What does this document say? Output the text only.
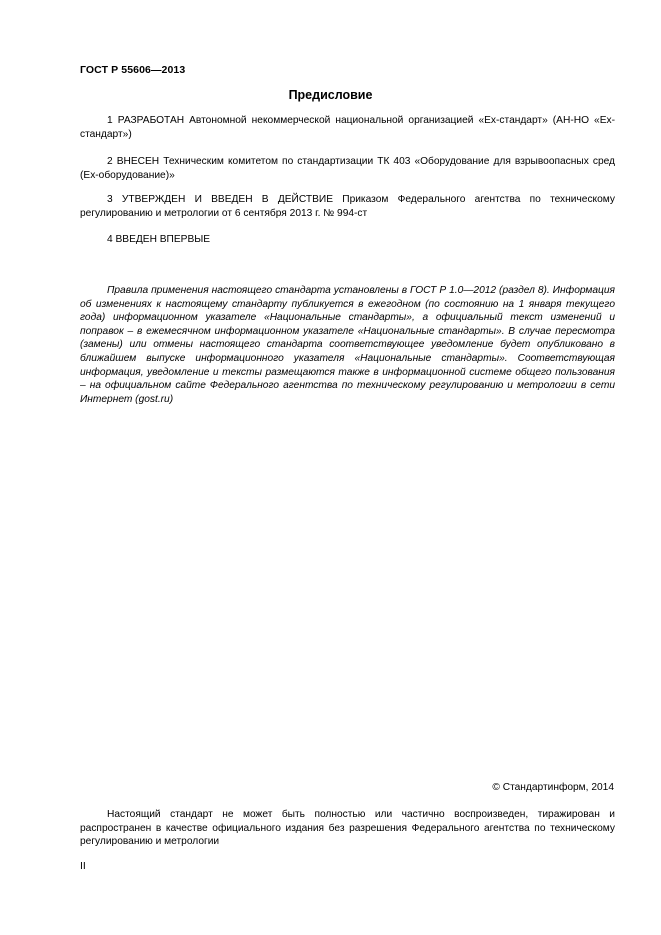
ГОСТ Р 55606—2013
Предисловие

1 РАЗРАБОТАН Автономной некоммерческой национальной организацией «Ех-стандарт» (АН-НО «Ех-стандарт»)

2 ВНЕСЕН Техническим комитетом по стандартизации ТК 403 «Оборудование для взрывоопасных сред (Ех-оборудование)»

3 УТВЕРЖДЕН И ВВЕДЕН В ДЕЙСТВИЕ Приказом Федерального агентства по техническому регулированию и метрологии от 6 сентября 2013 г. № 994-ст

4 ВВЕДЕН ВПЕРВЫЕ

Правила применения настоящего стандарта установлены в ГОСТ Р 1.0—2012 (раздел 8). Информация об изменениях к настоящему стандарту публикуется в ежегодном (по состоянию на 1 января текущего года) информационном указателе «Национальные стандарты», а официальный текст изменений и поправок – в ежемесячном информационном указателе «Национальные стандарты». В случае пересмотра (замены) или отмены настоящего стандарта соответствующее уведомление будет опубликовано в ближайшем выпуске информационного указателя «Национальные стандарты». Соответствующая информация, уведомление и тексты размещаются также в информационной системе общего пользования – на официальном сайте Федерального агентства по техническому регулированию и метрологии в сети Интернет (gost.ru)

© Стандартинформ, 2014

Настоящий стандарт не может быть полностью или частично воспроизведен, тиражирован и распространен в качестве официального издания без разрешения Федерального агентства по техническому регулированию и метрологии

II
